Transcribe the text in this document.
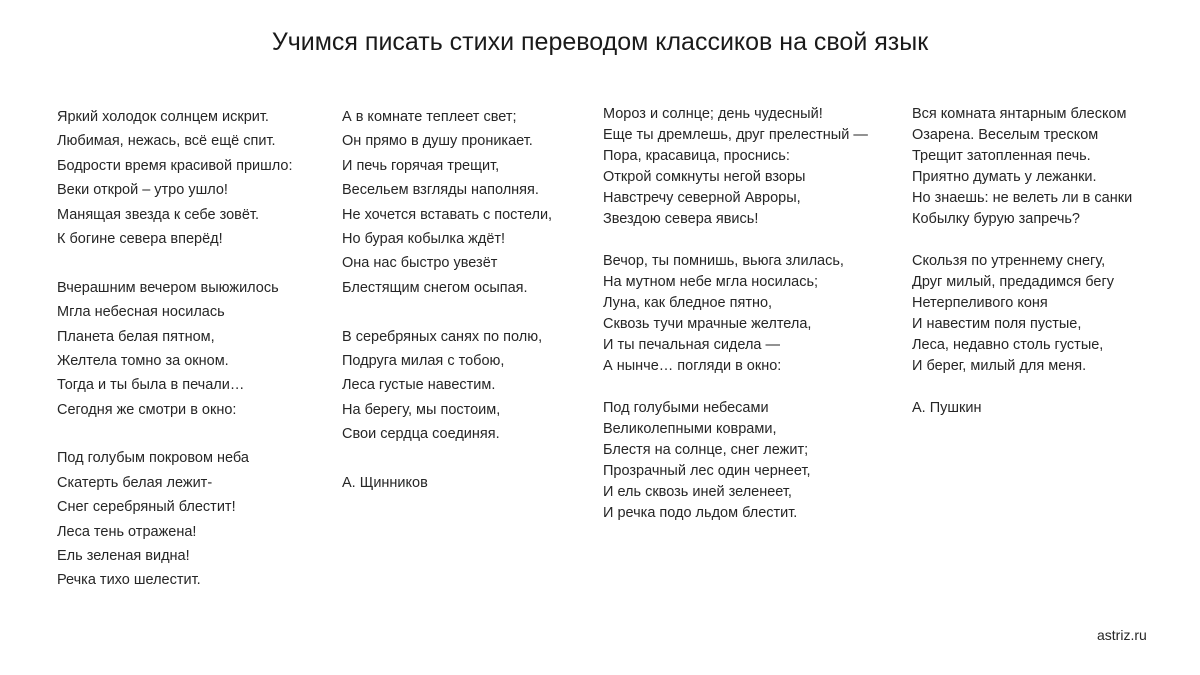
Учимся писать стихи переводом классиков на свой язык
Яркий холодок солнцем искрит.
Любимая, нежась, всё ещё спит.
Бодрости время красивой пришло:
Веки открой – утро ушло!
Манящая звезда к себе зовёт.
К богине севера вперёд!
Вчерашним вечером выюжилось
Мгла небесная носилась
Планета белая пятном,
Желтела томно за окном.
Тогда и ты была в печали…
Сегодня же смотри в окно:
Под голубым покровом неба
Скатерть белая лежит-
Снег серебряный блестит!
Леса тень отражена!
Ель зеленая видна!
Речка тихо шелестит.
А в комнате теплеет свет;
Он прямо в душу проникает.
И печь горячая трещит,
Весельем взгляды наполняя.
Не хочется вставать с постели,
Но бурая кобылка ждёт!
Она нас быстро увезёт
Блестящим снегом осыпая.
В серебряных санях по полю,
Подруга милая с тобою,
Леса густые навестим.
На берегу, мы постоим,
Свои сердца соединяя.
А. Щинников
Мороз и солнце; день чудесный!
Еще ты дремлешь, друг прелестный —
Пора, красавица, проснись:
Открой сомкнуты негой взоры
Навстречу северной Авроры,
Звездою севера явись!
Вечор, ты помнишь, вьюга злилась,
На мутном небе мгла носилась;
Луна, как бледное пятно,
Сквозь тучи мрачные желтела,
И ты печальная сидела —
А нынче… погляди в окно:
Под голубыми небесами
Великолепными коврами,
Блестя на солнце, снег лежит;
Прозрачный лес один чернеет,
И ель сквозь иней зеленеет,
И речка подо льдом блестит.
Вся комната янтарным блеском
Озарена. Веселым треском
Трещит затопленная печь.
Приятно думать у лежанки.
Но знаешь: не велеть ли в санки
Кобылку бурую запречь?
Скользя по утреннему снегу,
Друг милый, предадимся бегу
Нетерпеливого коня
И навестим поля пустые,
Леса, недавно столь густые,
И берег, милый для меня.
А. Пушкин
astriz.ru
